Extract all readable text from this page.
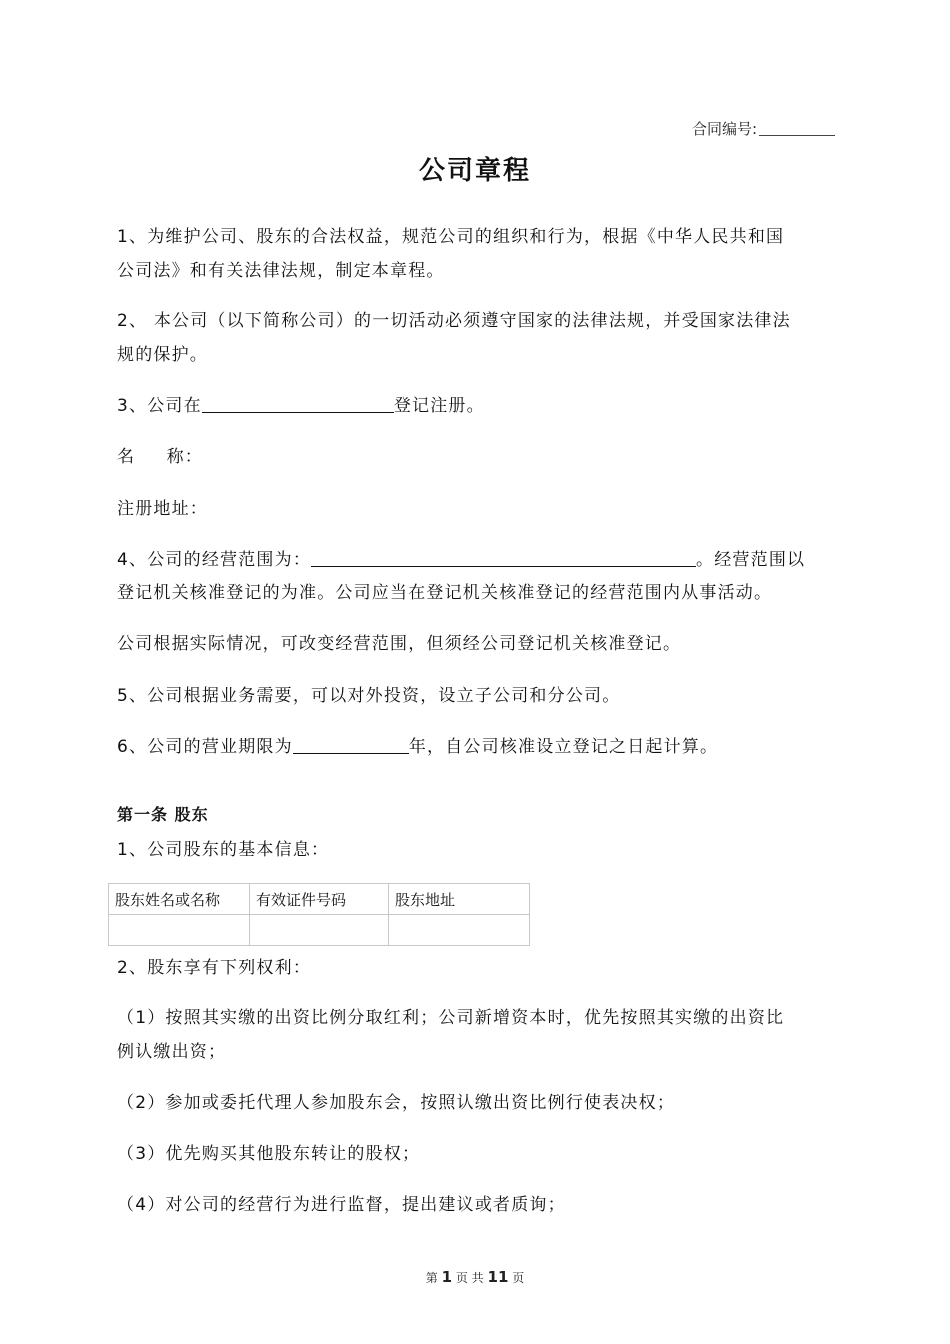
合同编号:
公司章程
1、为维护公司、股东的合法权益，规范公司的组织和行为，根据《中华人民共和国
公司法》和有关法律法规，制定本章程。
2、 本公司（以下简称公司）的一切活动必须遵守国家的法律法规，并受国家法律法
规的保护。
3、公司在	登记注册。
名 　 称：
注册地址：
4、公司的经营范围为：	。经营范围以
登记机关核准登记的为准。公司应当在登记机关核准登记的经营范围内从事活动。
公司根据实际情况，可改变经营范围，但须经公司登记机关核准登记。
5、公司根据业务需要，可以对外投资，设立子公司和分公司。
6、公司的营业期限为	年，自公司核准设立登记之日起计算。
第一条 股东
1、公司股东的基本信息：
股东姓名或名称	有效证件号码	股东地址

2、股东享有下列权利：
（1）按照其实缴的出资比例分取红利；公司新增资本时，优先按照其实缴的出资比
例认缴出资；
（2）参加或委托代理人参加股东会，按照认缴出资比例行使表决权；
（3）优先购买其他股东转让的股权；
（4）对公司的经营行为进行监督，提出建议或者质询；
第 1 页 共 11 页
